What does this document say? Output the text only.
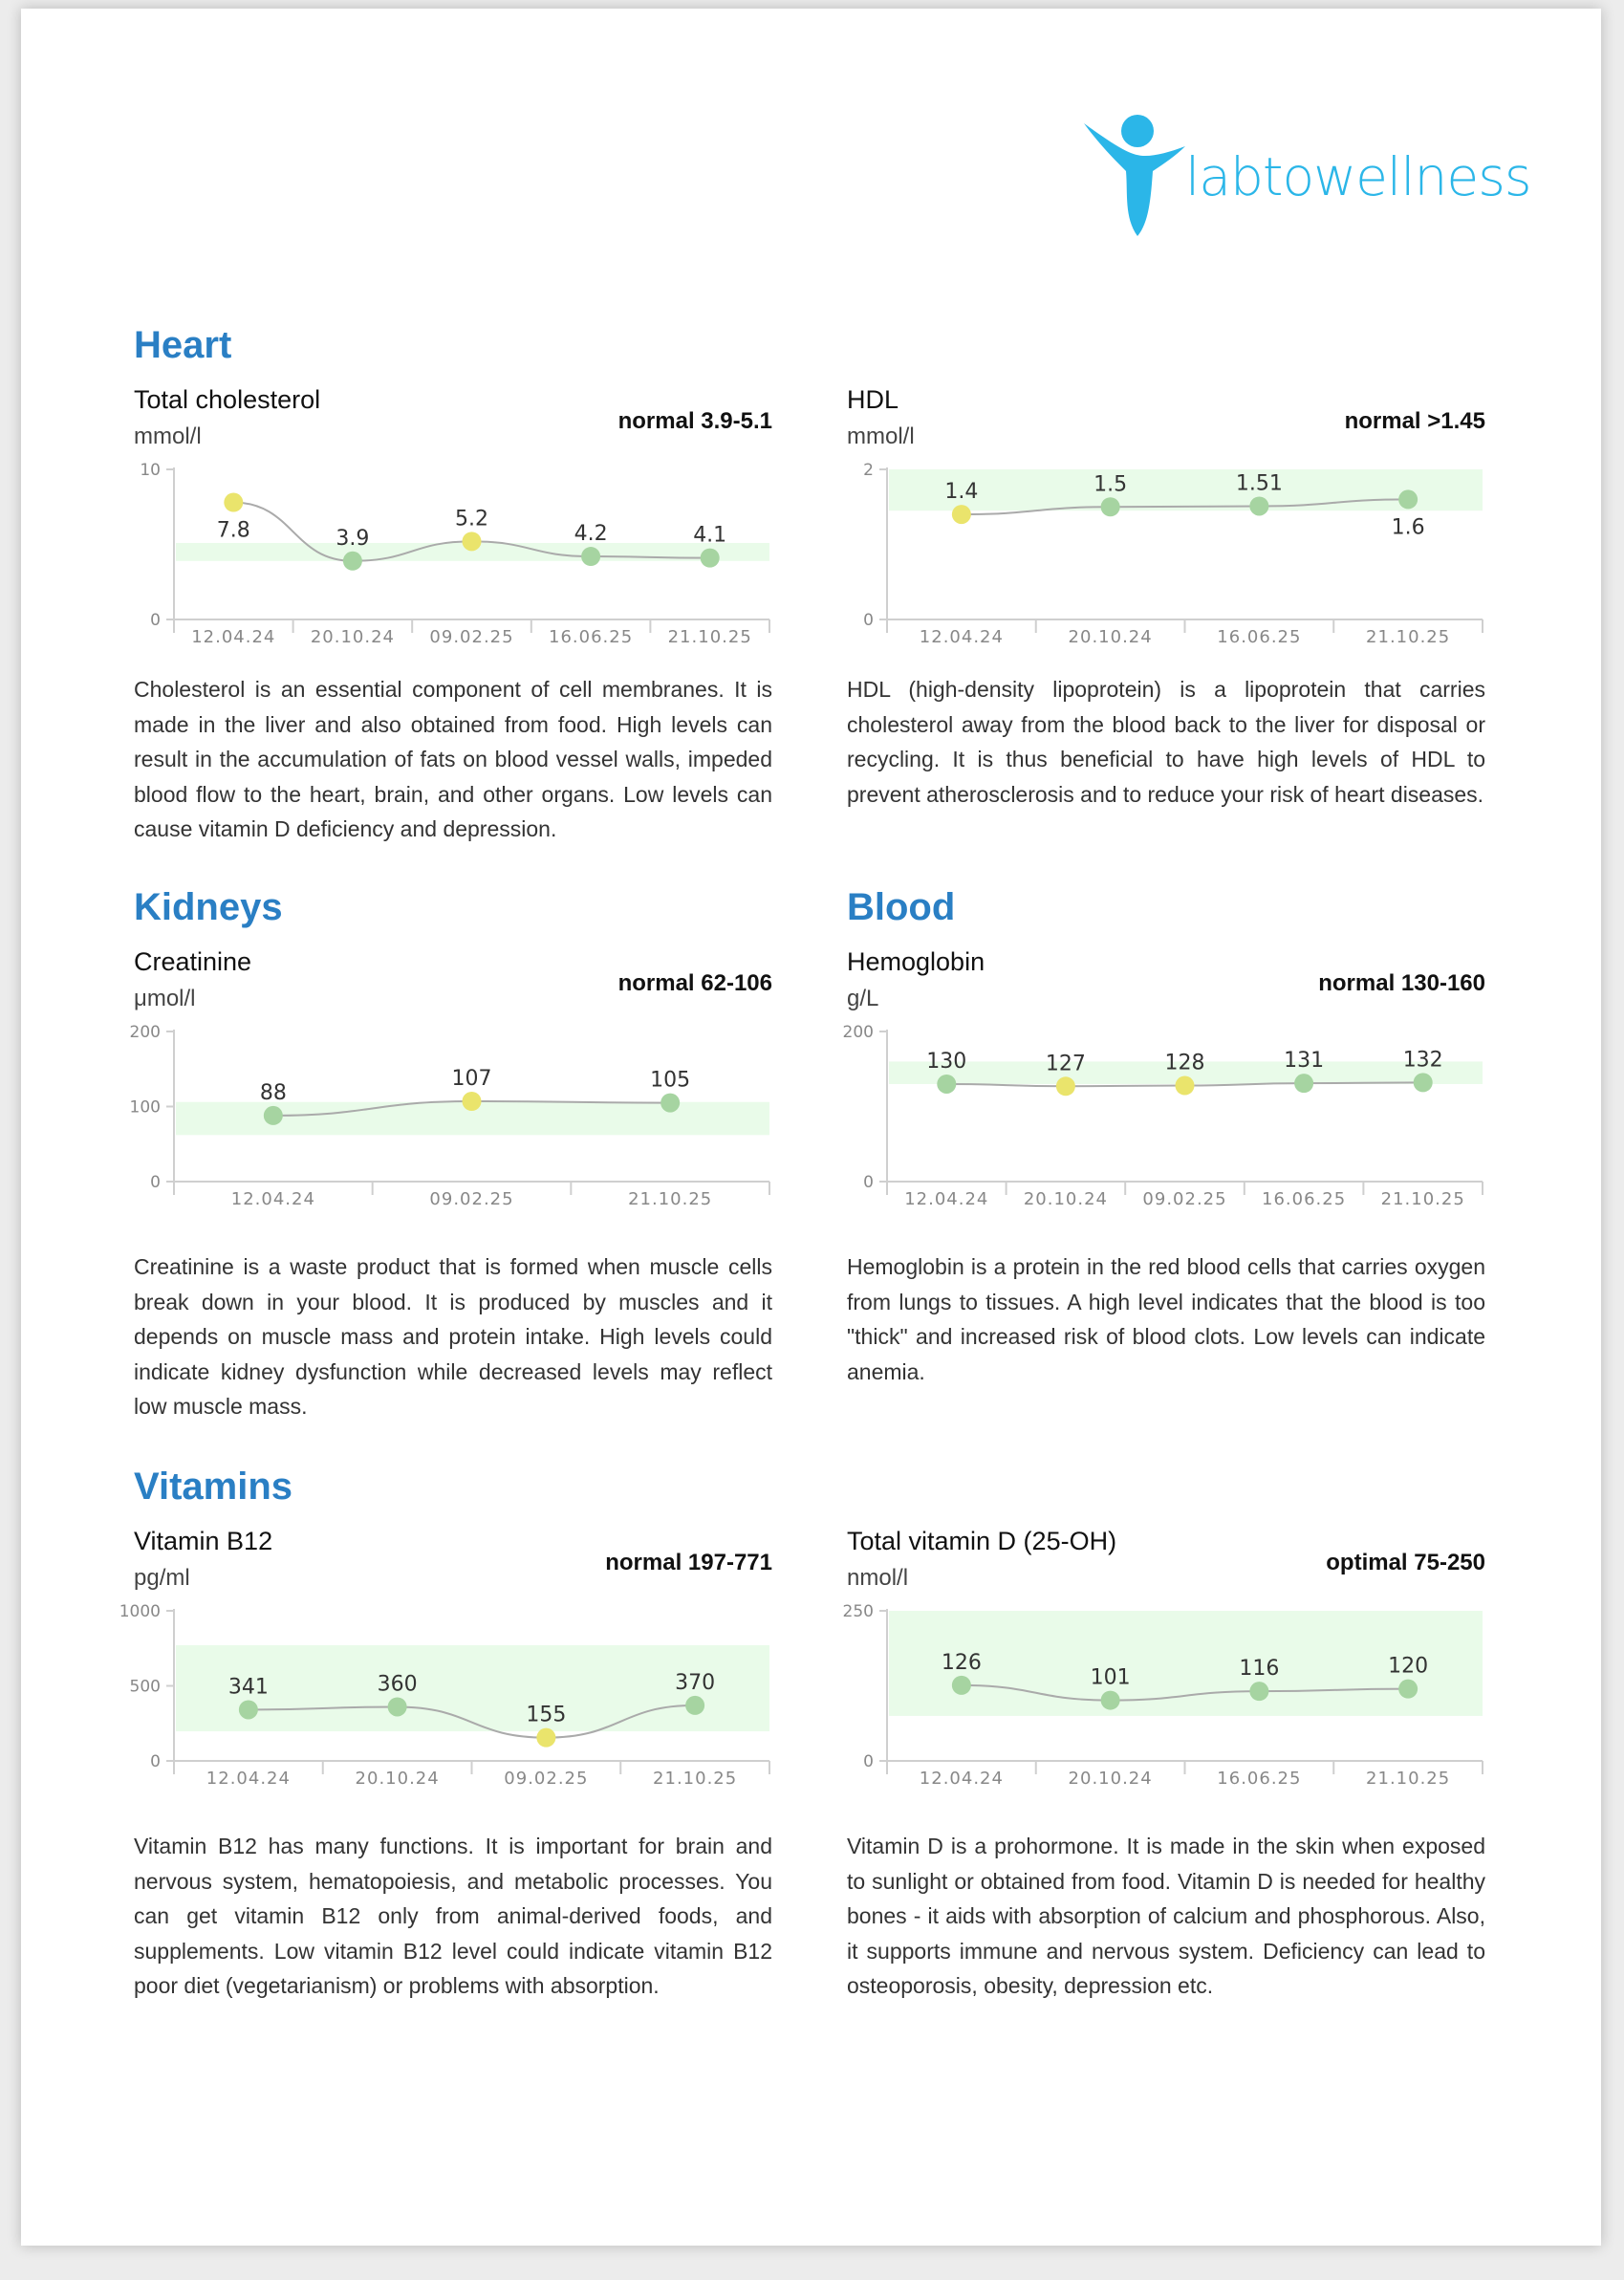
labtowellness
Heart
Kidneys	Blood
Vitamins
Total cholesterol
mmol/l
normal 3.9-5.1
0
10
12.04.24 20.10.24 09.02.25 16.06.25 21.10.25
7.8	3.9
5.2
4.2	4.1
Cholesterol is an essential component of cell membranes. It is made in the liver and also obtained from food. High levels can result in the accumulation of fats on blood vessel walls, impeded blood flow to the heart, brain, and other organs. Low levels can cause vitamin D deficiency and depression.
HDL
mmol/l
normal >1.45
0
2
12.04.24	20.10.24	16.06.25	21.10.25
1.4	1.5	1.51
1.6
HDL (high-density lipoprotein) is a lipoprotein that carries cholesterol away from the blood back to the liver for disposal or recycling. It is thus beneficial to have high levels of HDL to prevent atherosclerosis and to reduce your risk of heart diseases.
Creatinine
μmol/l
normal 62-106
0
100
200
12.04.24	09.02.25	21.10.25
88
107	105
Creatinine is a waste product that is formed when muscle cells break down in your blood. It is produced by muscles and it depends on muscle mass and protein intake. High levels could indicate kidney dysfunction while decreased levels may reflect low muscle mass.
Hemoglobin
g/L
normal 130-160
0
200
12.04.24 20.10.24 09.02.25 16.06.25 21.10.25
130	127	128	131	132
Hemoglobin is a protein in the red blood cells that carries oxygen from lungs to tissues. A high level indicates that the blood is too "thick" and increased risk of blood clots. Low levels can indicate anemia.
Vitamin B12
pg/ml
normal 197-771
0
500
1000
12.04.24	20.10.24	09.02.25	21.10.25
341	360
155
370
Vitamin B12 has many functions. It is important for brain and nervous system, hematopoiesis, and metabolic processes. You can get vitamin B12 only from animal-derived foods, and supplements. Low vitamin B12 level could indicate vitamin B12 poor diet (vegetarianism) or problems with absorption.
Total vitamin D (25-OH)
nmol/l
optimal 75-250
0
250
12.04.24	20.10.24	16.06.25	21.10.25
126
101	116	120
Vitamin D is a prohormone. It is made in the skin when exposed to sunlight or obtained from food. Vitamin D is needed for healthy bones - it aids with absorption of calcium and phosphorous. Also, it supports immune and nervous system. Deficiency can lead to osteoporosis, obesity, depression etc.
